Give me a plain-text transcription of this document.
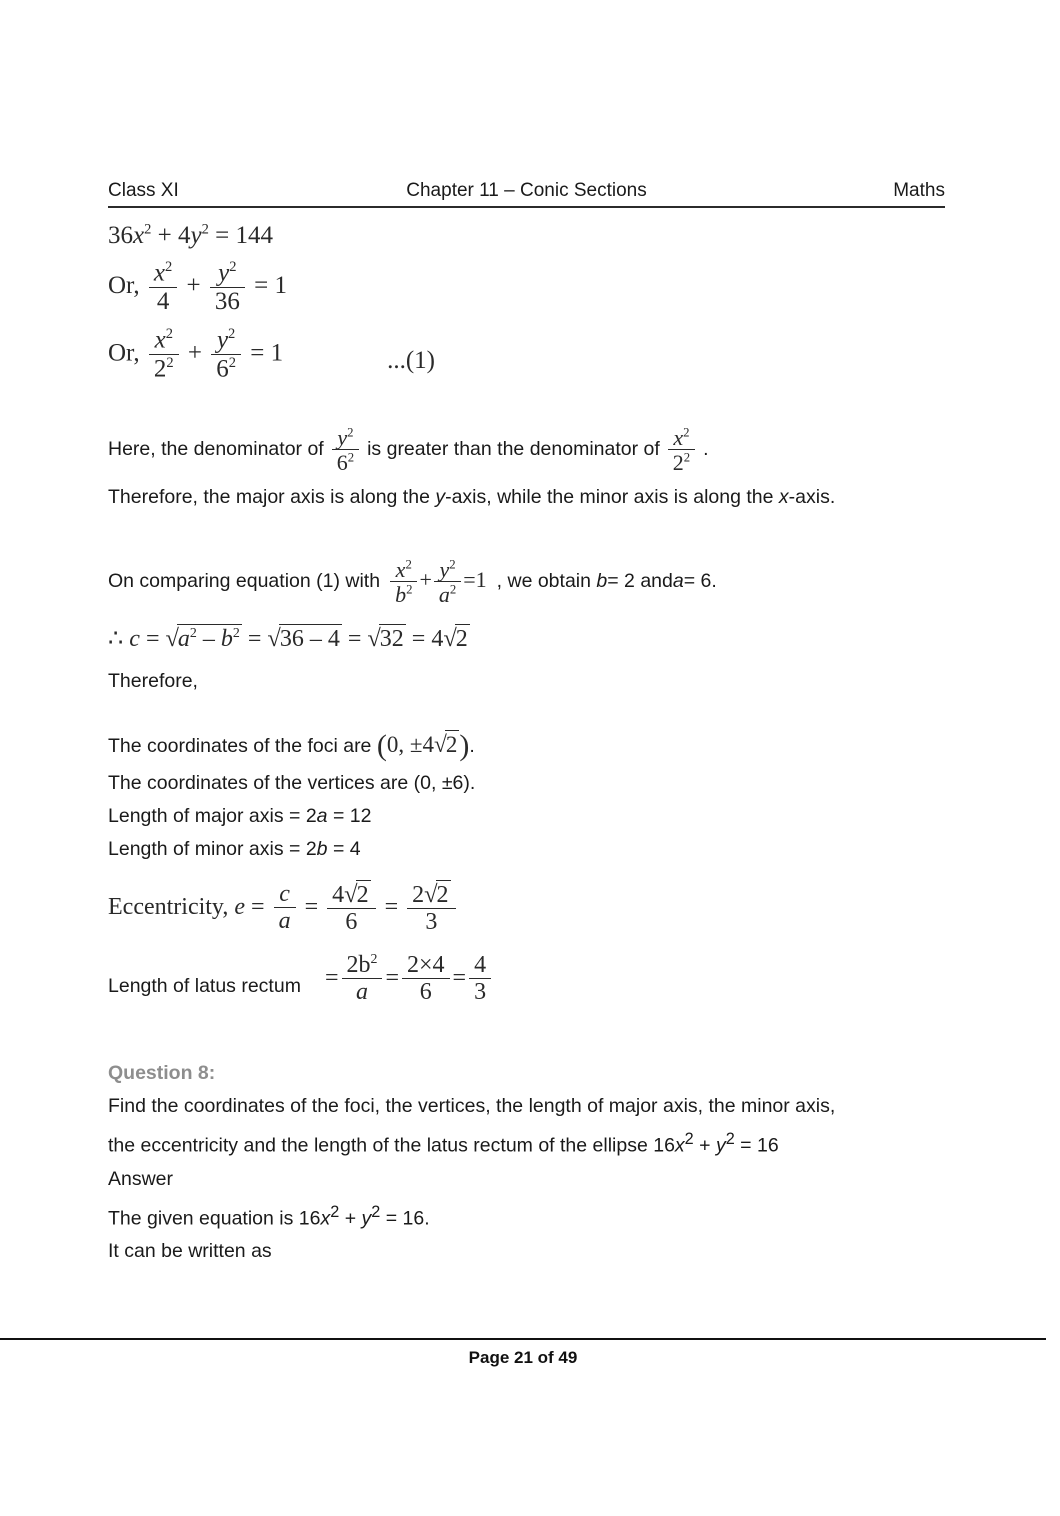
Class XI	Chapter 11 – Conic Sections	Maths
$36x^2 + 4y^2 = 144$
Or, $\frac{x^2}{4} + \frac{y^2}{36} = 1$
Or, $\frac{x^2}{2^2} + \frac{y^2}{6^2} = 1$	...(1)
Here, the denominator of $\frac{y^2}{6^2}$ is greater than the denominator of $\frac{x^2}{2^2}$ .
Therefore, the major axis is along the y-axis, while the minor axis is along the x-axis.
On comparing equation (1) with $\frac{x^2}{b^2} + \frac{y^2}{a^2} =1$ , we obtain b = 2 and a = 6.
∴ $c = √a^2 - b^2 = √36 - 4 = √32 = 4√2$
Therefore,
The coordinates of the foci are (0, ±4√2) .
The coordinates of the vertices are (0, ±6).
Length of major axis = 2a = 12
Length of minor axis = 2b = 4
Eccentricity, $e = \frac{c}{a} = \frac{4√2}{6} = \frac{2√2}{3}$
Length of latus rectum = $\frac{2b^2}{a} = \frac{2\times 4}{6} = \frac{4}{3}$
Question 8:
Find the coordinates of the foci, the vertices, the length of major axis, the minor axis,
the eccentricity and the length of the latus rectum of the ellipse $16x^2 + y^2 = 16$
Answer
The given equation is $16x^2 + y^2 = 16$.
It can be written as
Page 21 of 49
